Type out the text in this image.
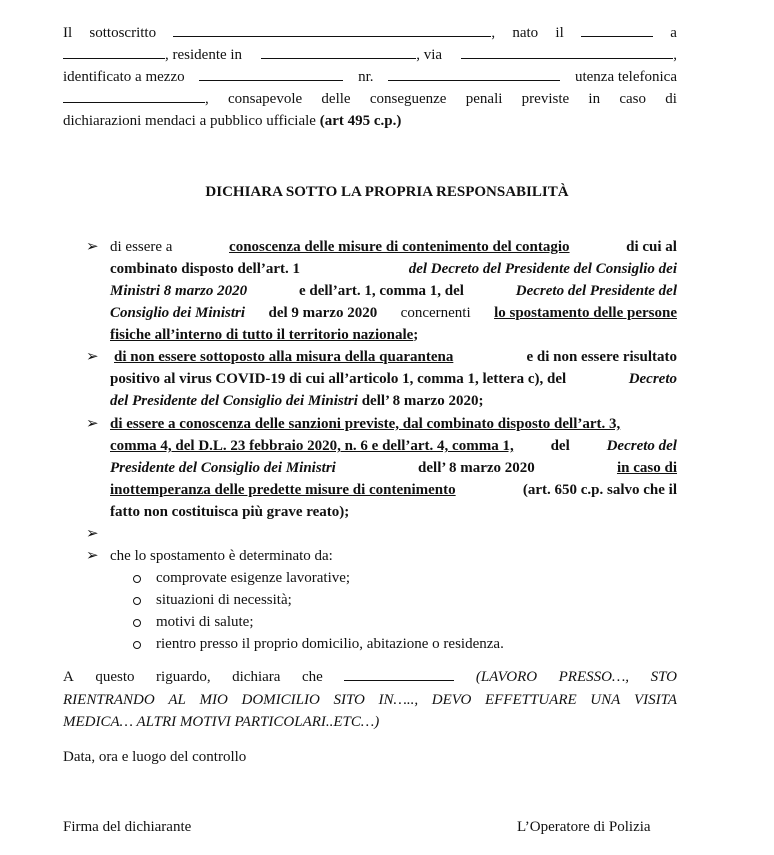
Il sottoscritto	, nato il	a
, residente in	, via	,
identificato a mezzo	nr.	utenza telefonica
, consapevole delle conseguenze penali previste in caso di
dichiarazioni mendaci a pubblico ufficiale (art 495 c.p.)
DICHIARA SOTTO LA PROPRIA RESPONSABILITÀ
➢ di essere a	conoscenza delle misure di contenimento del contagio	di cui al
combinato disposto dell’art. 1	del Decreto del Presidente del Consiglio dei
Ministri 8 marzo 2020	e dell’art. 1, comma 1, del	Decreto del Presidente del
Consiglio dei Ministri del 9 marzo 2020 concernenti lo spostamento delle persone
fisiche all’interno di tutto il territorio nazionale;
➢ di non essere sottoposto alla misura della quarantena	e di non essere risultato
positivo al virus COVID-19 di cui all’articolo 1, comma 1, lettera c), del	Decreto
del Presidente del Consiglio dei Ministri dell’ 8 marzo 2020;
➢ di essere a conoscenza delle sanzioni previste, dal combinato disposto dell’art. 3,
comma 4, del D.L. 23 febbraio 2020, n. 6 e dell’art. 4, comma 1, del Decreto del
Presidente del Consiglio dei Ministri	dell’ 8 marzo 2020	in caso di
inottemperanza delle predette misure di contenimento	(art. 650 c.p. salvo che il
fatto non costituisca più grave reato);
➢
➢ che lo spostamento è determinato da:
comprovate esigenze lavorative;
situazioni di necessità;
motivi di salute;
rientro presso il proprio domicilio, abitazione o residenza.
A questo riguardo, dichiara che	(LAVORO PRESSO…, STO
RIENTRANDO AL MIO DOMICILIO SITO IN….., DEVO EFFETTUARE UNA VISITA
MEDICA… ALTRI MOTIVI PARTICOLARI..ETC…)
Data, ora e luogo del controllo
Firma del dichiarante	L’Operatore di Polizia
